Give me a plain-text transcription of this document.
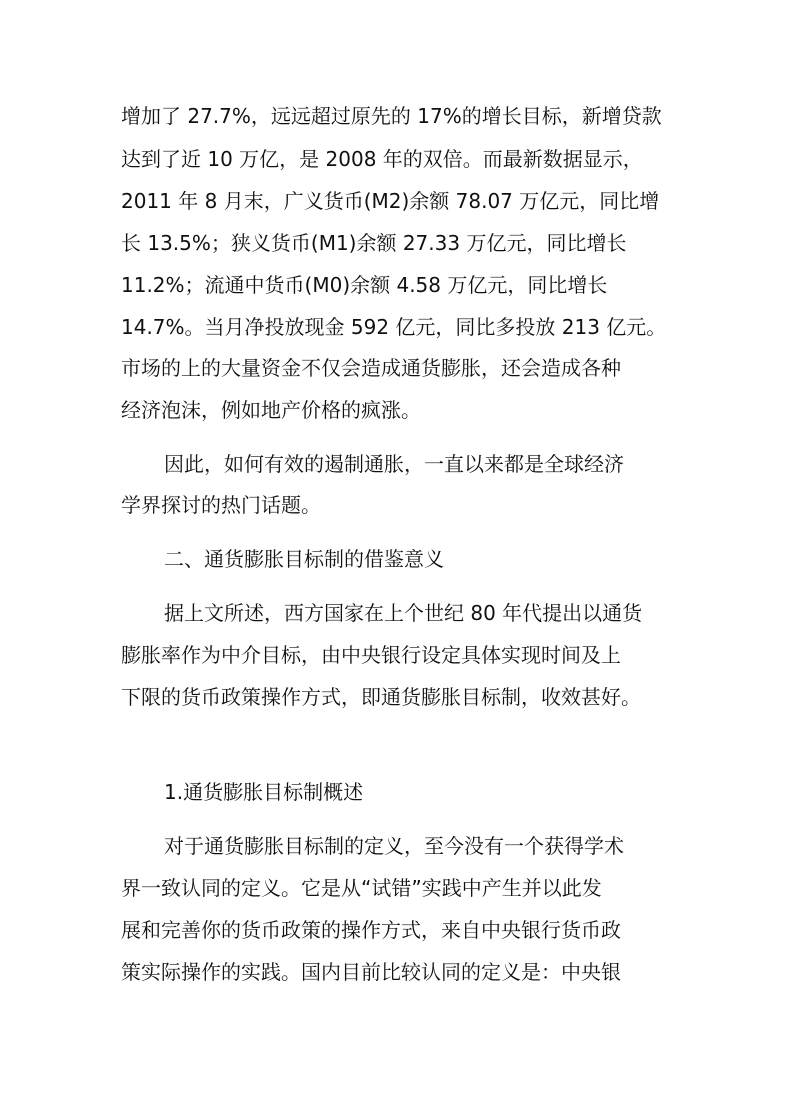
增加了 27.7%，远远超过原先的 17%的增长目标，新增贷款
达到了近 10 万亿，是 2008 年的双倍。而最新数据显示，
2011 年 8 月末，广义货币(M2)余额 78.07 万亿元，同比增
长 13.5%；狭义货币(M1)余额 27.33 万亿元，同比增长
11.2%；流通中货币(M0)余额 4.58 万亿元，同比增长
14.7%。当月净投放现金 592 亿元，同比多投放 213 亿元。
市场的上的大量资金不仅会造成通货膨胀，还会造成各种
经济泡沫，例如地产价格的疯涨。
因此，如何有效的遏制通胀，一直以来都是全球经济
学界探讨的热门话题。
二、通货膨胀目标制的借鉴意义
据上文所述，西方国家在上个世纪 80 年代提出以通货
膨胀率作为中介目标，由中央银行设定具体实现时间及上
下限的货币政策操作方式，即通货膨胀目标制，收效甚好。
1.通货膨胀目标制概述
对于通货膨胀目标制的定义，至今没有一个获得学术
界一致认同的定义。它是从“试错”实践中产生并以此发
展和完善你的货币政策的操作方式，来自中央银行货币政
策实际操作的实践。国内目前比较认同的定义是：中央银
